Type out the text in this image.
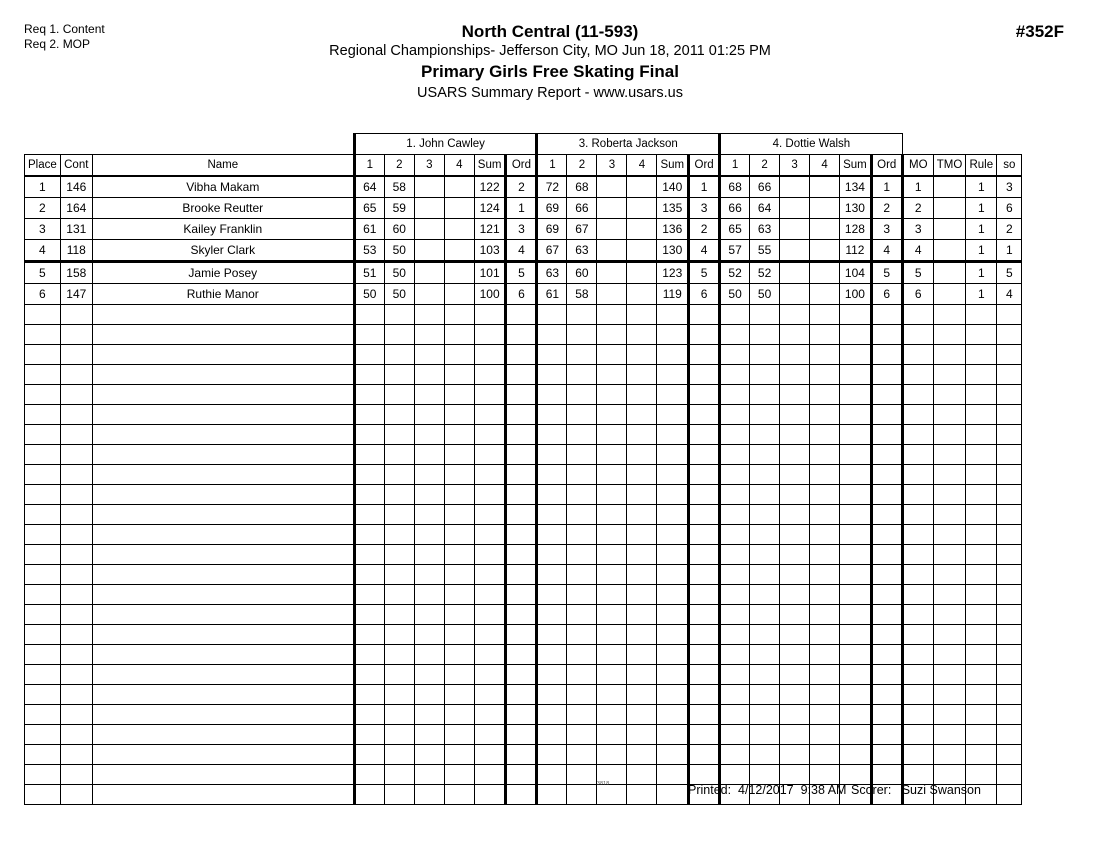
Req 1. Content
Req 2. MOP
North Central (11-593)
Regional Championships- Jefferson City, MO Jun 18, 2011 01:25 PM
Primary Girls Free Skating Final
USARS Summary Report - www.usars.us
#352F
			1. John Cawley						3. Roberta Jackson						4. Dottie Walsh									
Place	Cont	Name	1	2	3	4	Sum	Ord	1	2	3	4	Sum	Ord	1	2	3	4	Sum	Ord	MO	TMO	Rule	so
1	146	Vibha Makam	64	58			122	2	72	68			140	1	68	66			134	1	1		1	3
2	164	Brooke Reutter	65	59			124	1	69	66			135	3	66	64			130	2	2		1	6
3	131	Kailey Franklin	61	60			121	3	69	67			136	2	65	63			128	3	3		1	2
4	118	Skyler Clark	53	50			103	4	67	63			130	4	57	55			112	4	4		1	1
5	158	Jamie Posey	51	50			101	5	63	60			123	5	52	52			104	5	5		1	5
6	147	Ruthie Manor	50	50			100	6	61	58			119	6	50	50			100	6	6		1	4

3818	Printed:  4/12/2017  9:38 AM Scorer:   Suzi Swanson
